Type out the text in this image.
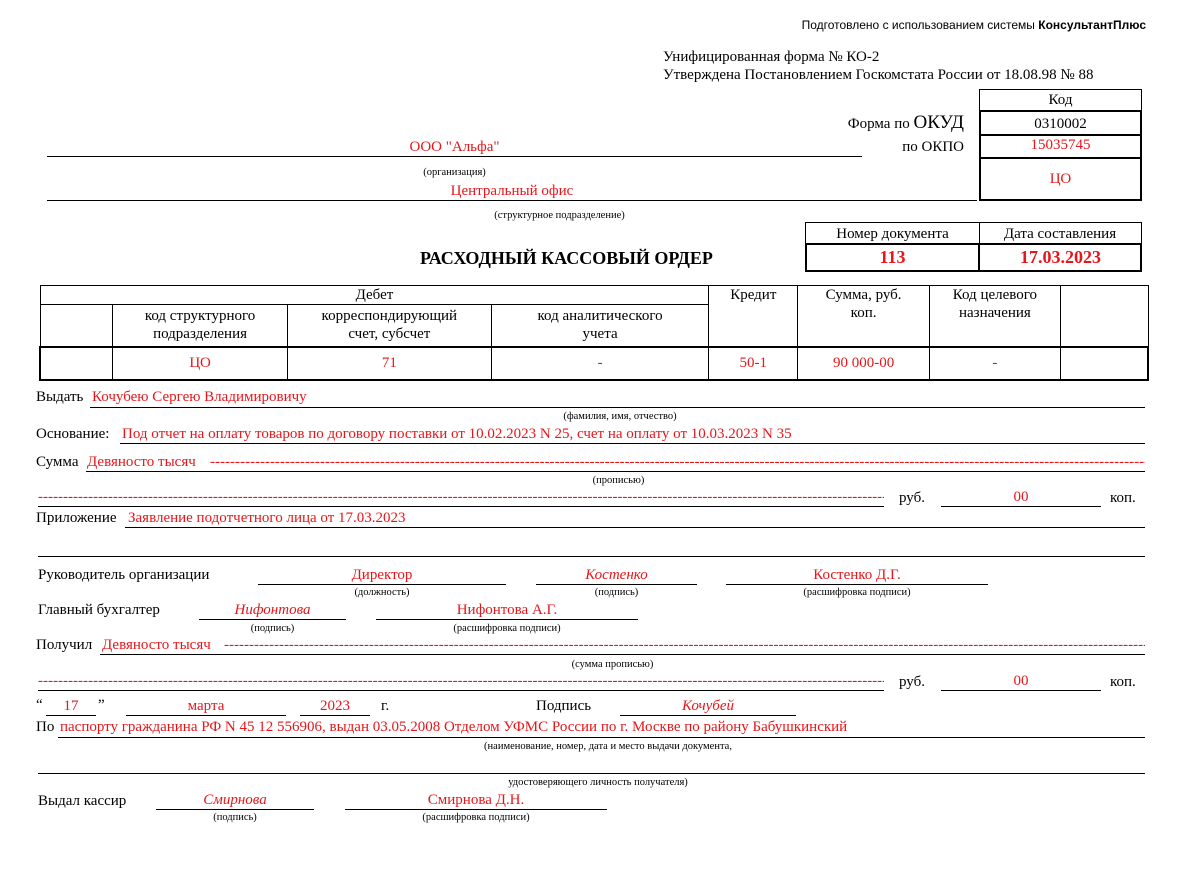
Подготовлено с использованием системы КонсультантПлюс
Унифицированная форма № КО-2
Утверждена Постановлением Госкомстата России от 18.08.98 № 88
Код
0310002
15035745
ЦО
Форма по ОКУД
по ОКПО
ООО "Альфа"
(организация)
Центральный офис
(структурное подразделение)
РАСХОДНЫЙ КАССОВЫЙ ОРДЕР
Номер документа	Дата составления
113	17.03.2023
Дебет				Кредит	Сумма, руб. коп.	Код целевого назначения	

	код структурного подразделения	корреспондирующий счет, субсчет	код аналитического учета				

	ЦО	71	-	50-1	90 000-00	-	
Выдать Кочубею Сергею Владимировичу
(фамилия, имя, отчество)
Основание: Под отчет на оплату товаров по договору поставки от 10.02.2023 N 25, счет на оплату от 10.03.2023 N 35
Сумма Девяносто тысяч
-----
(прописью)
-----
руб.	00	коп.
Приложение Заявление подотчетного лица от 17.03.2023
Руководитель организации	Директор
(должность)
Костенко
(подпись)
Костенко Д.Г.
(расшифровка подписи)
Главный бухгалтер	Нифонтова
(подпись)
Нифонтова А.Г.
(расшифровка подписи)
Получил Девяносто тысяч
-----
(сумма прописью)
-----
руб.	00	коп.
“	17	”	марта	2023	г.	Подпись	Кочубей
По паспорту гражданина РФ N 45 12 556906, выдан 03.05.2008 Отделом УФМС России по г. Москве по району Бабушкинский
(наименование, номер, дата и место выдачи документа,
удостоверяющего личность получателя)
Выдал кассир	Смирнова
(подпись)
Смирнова Д.Н.
(расшифровка подписи)
